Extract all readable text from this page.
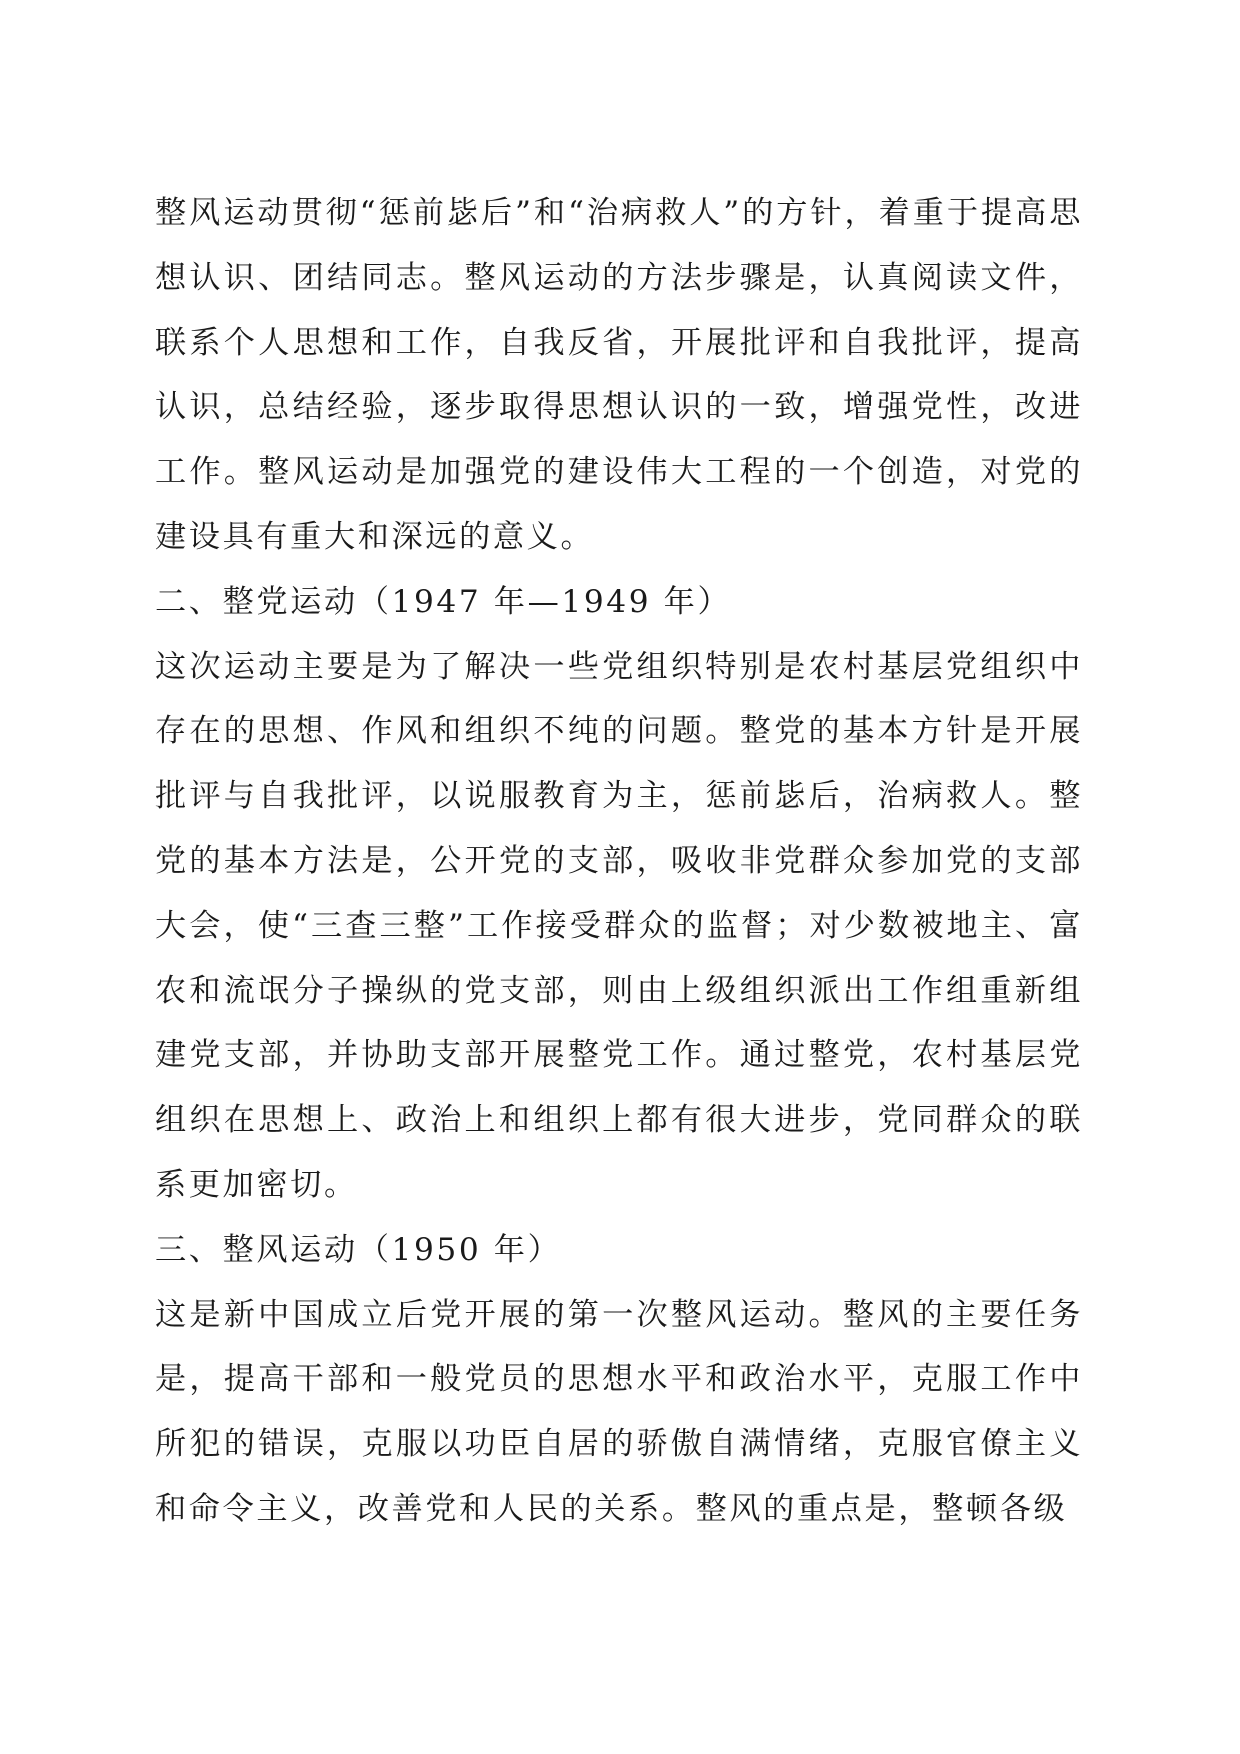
整风运动贯彻“惩前毖后”和“治病救人”的方针，着重于提高思想认识、团结同志。整风运动的方法步骤是，认真阅读文件，联系个人思想和工作，自我反省，开展批评和自我批评，提高认识，总结经验，逐步取得思想认识的一致，增强党性，改进工作。整风运动是加强党的建设伟大工程的一个创造，对党的建设具有重大和深远的意义。

二、整党运动（1947 年—1949 年）

这次运动主要是为了解决一些党组织特别是农村基层党组织中存在的思想、作风和组织不纯的问题。整党的基本方针是开展批评与自我批评，以说服教育为主，惩前毖后，治病救人。整党的基本方法是，公开党的支部，吸收非党群众参加党的支部大会，使“三查三整”工作接受群众的监督；对少数被地主、富农和流氓分子操纵的党支部，则由上级组织派出工作组重新组建党支部，并协助支部开展整党工作。通过整党，农村基层党组织在思想上、政治上和组织上都有很大进步，党同群众的联系更加密切。

三、整风运动（1950 年）

这是新中国成立后党开展的第一次整风运动。整风的主要任务是，提高干部和一般党员的思想水平和政治水平，克服工作中所犯的错误，克服以功臣自居的骄傲自满情绪，克服官僚主义和命令主义，改善党和人民的关系。整风的重点是，整顿各级
